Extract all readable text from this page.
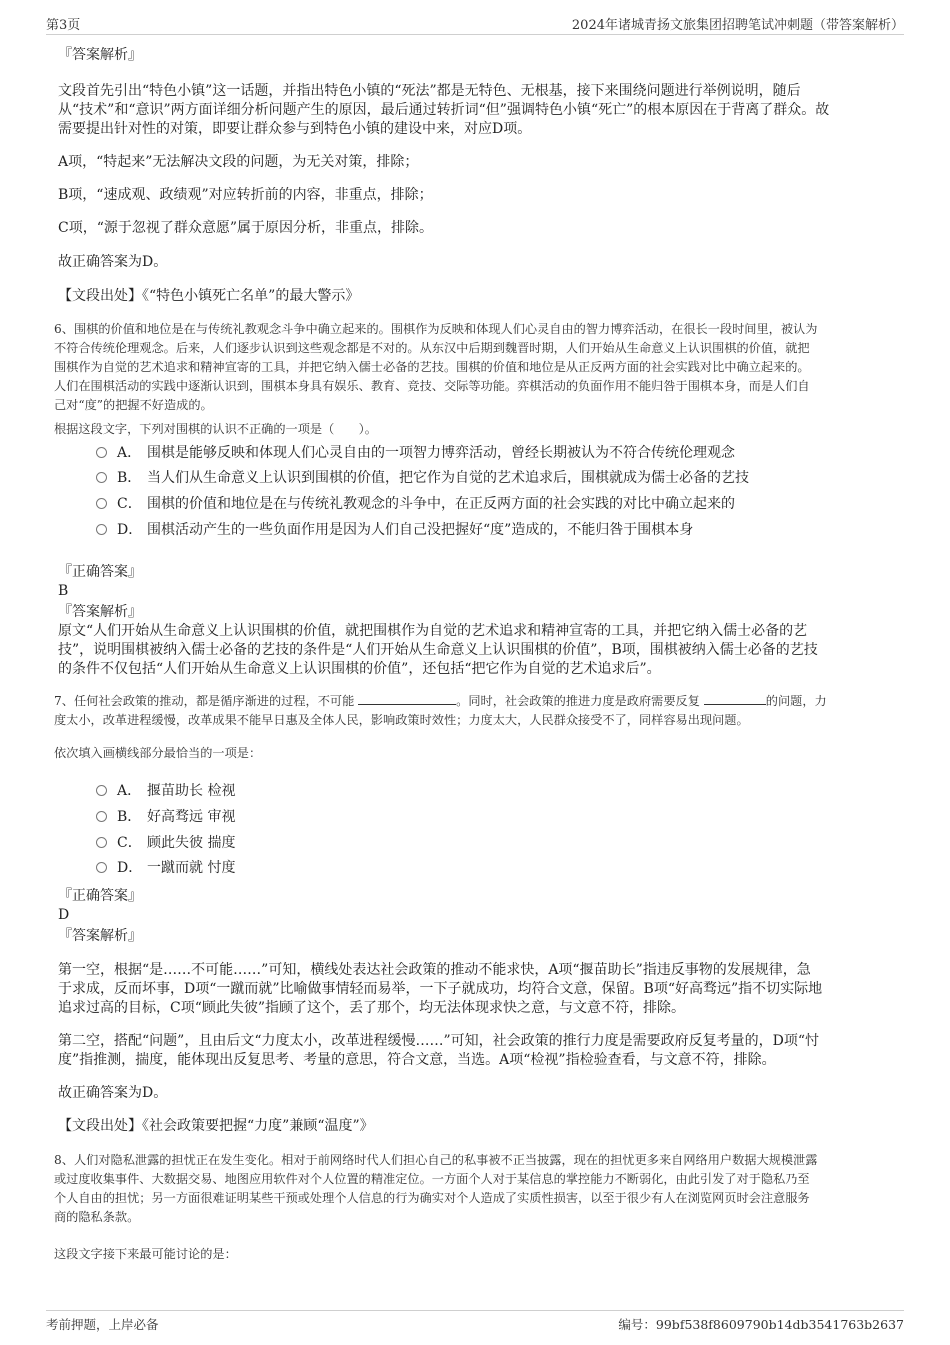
第3页	2024年诸城青扬文旅集团招聘笔试冲刺题（带答案解析）
『答案解析』
文段首先引出“特色小镇”这一话题，并指出特色小镇的“死法”都是无特色、无根基，接下来围绕问题进行举例说明，随后
从“技术”和“意识”两方面详细分析问题产生的原因，最后通过转折词“但”强调特色小镇“死亡”的根本原因在于背离了群众。故
需要提出针对性的对策，即要让群众参与到特色小镇的建设中来，对应D项。
A项，“特起来”无法解决文段的问题，为无关对策，排除；
B项，“速成观、政绩观”对应转折前的内容，非重点，排除；
C项，“源于忽视了群众意愿”属于原因分析，非重点，排除。
故正确答案为D。
【文段出处】《“特色小镇死亡名单”的最大警示》
6、围棋的价值和地位是在与传统礼教观念斗争中确立起来的。围棋作为反映和体现人们心灵自由的智力博弈活动，在很长一段时间里，被认为
不符合传统伦理观念。后来，人们逐步认识到这些观念都是不对的。从东汉中后期到魏晋时期，人们开始从生命意义上认识围棋的价值，就把
围棋作为自觉的艺术追求和精神宣寄的工具，并把它纳入儒士必备的艺技。围棋的价值和地位是从正反两方面的社会实践对比中确立起来的。
人们在围棋活动的实践中逐渐认识到，围棋本身具有娱乐、教育、竞技、交际等功能。弈棋活动的负面作用不能归咎于围棋本身，而是人们自
己对“度”的把握不好造成的。
根据这段文字，下列对围棋的认识不正确的一项是（　　）。
A． 围棋是能够反映和体现人们心灵自由的一项智力博弈活动，曾经长期被认为不符合传统伦理观念
B． 当人们从生命意义上认识到围棋的价值，把它作为自觉的艺术追求后，围棋就成为儒士必备的艺技
C． 围棋的价值和地位是在与传统礼教观念的斗争中，在正反两方面的社会实践的对比中确立起来的
D． 围棋活动产生的一些负面作用是因为人们自己没把握好“度”造成的，不能归咎于围棋本身
『正确答案』
B
『答案解析』
原文“人们开始从生命意义上认识围棋的价值，就把围棋作为自觉的艺术追求和精神宣寄的工具，并把它纳入儒士必备的艺
技”，说明围棋被纳入儒士必备的艺技的条件是“人们开始从生命意义上认识围棋的价值”，B项，围棋被纳入儒士必备的艺技
的条件不仅包括“人们开始从生命意义上认识围棋的价值”，还包括“把它作为自觉的艺术追求后”。
7、任何社会政策的推动，都是循序渐进的过程，不可能	。同时，社会政策的推进力度是政府需要反复	的问题，力
度太小，改革进程缓慢，改革成果不能早日惠及全体人民，影响政策时效性；力度太大，人民群众接受不了，同样容易出现问题。
依次填入画横线部分最恰当的一项是：
A． 揠苗助长 检视
B． 好高骛远 审视
C． 顾此失彼 揣度
D． 一蹴而就 忖度
『正确答案』
D
『答案解析』
第一空，根据“是……不可能……”可知，横线处表达社会政策的推动不能求快，A项“揠苗助长”指违反事物的发展规律，急
于求成，反而坏事，D项“一蹴而就”比喻做事情轻而易举，一下子就成功，均符合文意，保留。B项“好高骛远”指不切实际地
追求过高的目标，C项“顾此失彼”指顾了这个，丢了那个，均无法体现求快之意，与文意不符，排除。
第二空，搭配“问题”，且由后文“力度太小，改革进程缓慢……”可知，社会政策的推行力度是需要政府反复考量的，D项“忖
度”指推测，揣度，能体现出反复思考、考量的意思，符合文意，当选。A项“检视”指检验查看，与文意不符，排除。
故正确答案为D。
【文段出处】《社会政策要把握“力度”兼顾“温度”》
8、人们对隐私泄露的担忧正在发生变化。相对于前网络时代人们担心自己的私事被不正当披露，现在的担忧更多来自网络用户数据大规模泄露
或过度收集事件、大数据交易、地图应用软件对个人位置的精准定位。一方面个人对于某信息的掌控能力不断弱化，由此引发了对于隐私乃至
个人自由的担忧；另一方面很难证明某些干预或处理个人信息的行为确实对个人造成了实质性损害，以至于很少有人在浏览网页时会注意服务
商的隐私条款。
这段文字接下来最可能讨论的是：
考前押题，上岸必备	编号：99bf538f8609790b14db3541763b2637
